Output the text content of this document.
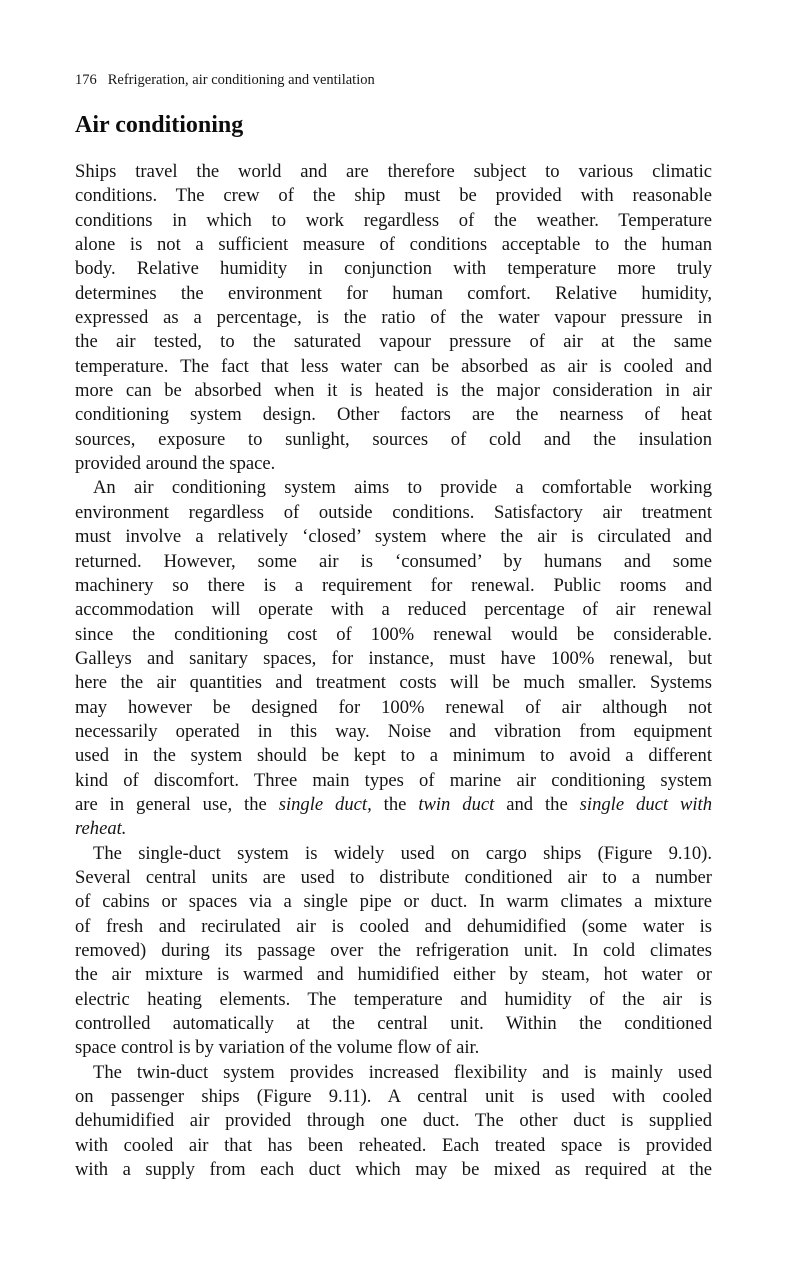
176 Refrigeration, air conditioning and ventilation
Air conditioning

Ships travel the world and are therefore subject to various climatic
conditions. The crew of the ship must be provided with reasonable
conditions in which to work regardless of the weather. Temperature
alone is not a sufficient measure of conditions acceptable to the human
body. Relative humidity in conjunction with temperature more truly
determines the environment for human comfort. Relative humidity,
expressed as a percentage, is the ratio of the water vapour pressure in
the air tested, to the saturated vapour pressure of air at the same
temperature. The fact that less water can be absorbed as air is cooled and
more can be absorbed when it is heated is the major consideration in air
conditioning system design. Other factors are the nearness of heat
sources, exposure to sunlight, sources of cold and the insulation
provided around the space.

An air conditioning system aims to provide a comfortable working
environment regardless of outside conditions. Satisfactory air treatment
must involve a relatively ‘closed’ system where the air is circulated and
returned. However, some air is ‘consumed’ by humans and some
machinery so there is a requirement for renewal. Public rooms and
accommodation will operate with a reduced percentage of air renewal
since the conditioning cost of 100% renewal would be considerable.
Galleys and sanitary spaces, for instance, must have 100% renewal, but
here the air quantities and treatment costs will be much smaller. Systems
may however be designed for 100% renewal of air although not
necessarily operated in this way. Noise and vibration from equipment
used in the system should be kept to a minimum to avoid a different
kind of discomfort. Three main types of marine air conditioning system
are in general use, the single duct, the twin duct and the single duct with
reheat.

The single-duct system is widely used on cargo ships (Figure 9.10).
Several central units are used to distribute conditioned air to a number
of cabins or spaces via a single pipe or duct. In warm climates a mixture
of fresh and recirulated air is cooled and dehumidified (some water is
removed) during its passage over the refrigeration unit. In cold climates
the air mixture is warmed and humidified either by steam, hot water or
electric heating elements. The temperature and humidity of the air is
controlled automatically at the central unit. Within the conditioned
space control is by variation of the volume flow of air.

The twin-duct system provides increased flexibility and is mainly used
on passenger ships (Figure 9.11). A central unit is used with cooled
dehumidified air provided through one duct. The other duct is supplied
with cooled air that has been reheated. Each treated space is provided
with a supply from each duct which may be mixed as required at the
